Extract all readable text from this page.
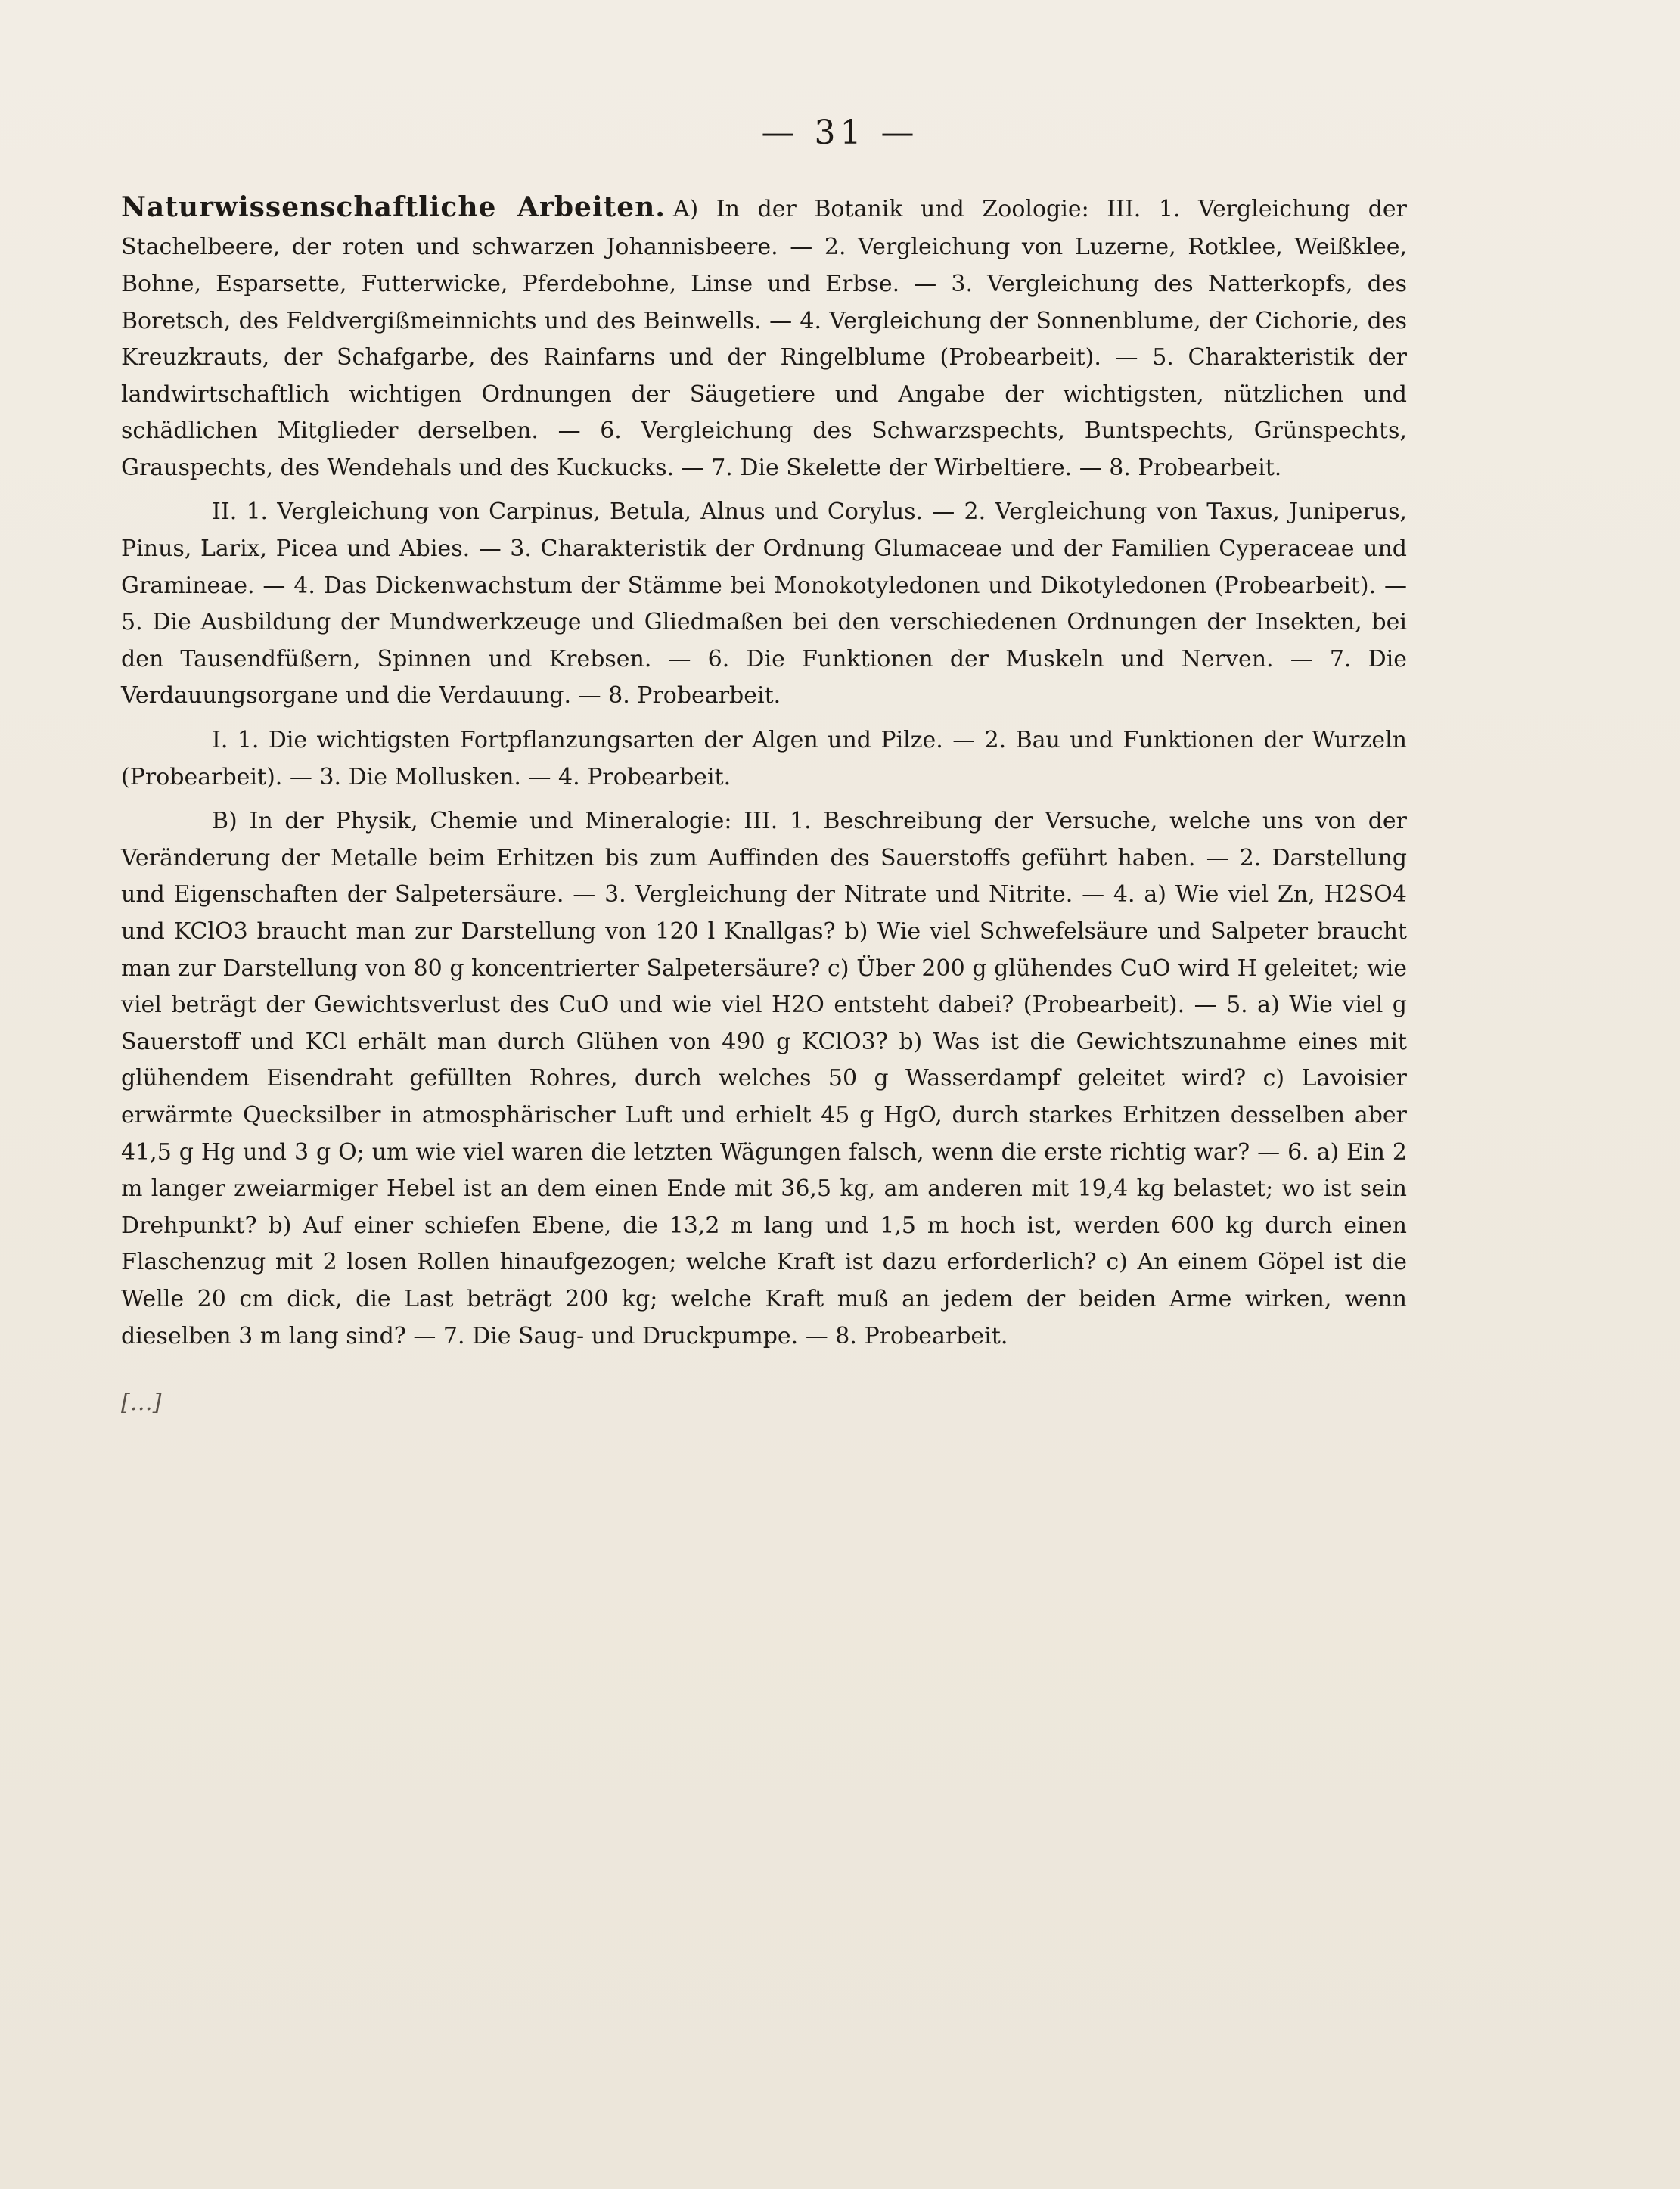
— 31 —

Naturwissenschaftliche Arbeiten. A) In der Botanik und Zoologie: III. 1. Vergleichung der Stachelbeere, der roten und schwarzen Johannisbeere. — 2. Vergleichung von Luzerne, Rotklee, Weißklee, Bohne, Esparsette, Futterwicke, Pferdebohne, Linse und Erbse. — 3. Vergleichung des Natterkopfs, des Boretsch, des Feldvergißmeinnichts und des Beinwells. — 4. Vergleichung der Sonnenblume, der Cichorie, des Kreuzkrauts, der Schafgarbe, des Rainfarns und der Ringelblume (Probearbeit). — 5. Charakteristik der landwirtschaftlich wichtigen Ordnungen der Säugetiere und Angabe der wichtigsten, nützlichen und schädlichen Mitglieder derselben. — 6. Vergleichung des Schwarzspechts, Buntspechts, Grünspechts, Grauspechts, des Wendehals und des Kuckucks. — 7. Die Skelette der Wirbeltiere. — 8. Probearbeit.

II. 1. Vergleichung von Carpinus, Betula, Alnus und Corylus. — 2. Vergleichung von Taxus, Juniperus, Pinus, Larix, Picea und Abies. — 3. Charakteristik der Ordnung Glumaceae und der Familien Cyperaceae und Gramineae. — 4. Das Dickenwachstum der Stämme bei Monokotyledonen und Dikotyledonen (Probearbeit). — 5. Die Ausbildung der Mundwerkzeuge und Gliedmaßen bei den verschiedenen Ordnungen der Insekten, bei den Tausendfüßern, Spinnen und Krebsen. — 6. Die Funktionen der Muskeln und Nerven. — 7. Die Verdauungsorgane und die Verdauung. — 8. Probearbeit.

I. 1. Die wichtigsten Fortpflanzungsarten der Algen und Pilze. — 2. Bau und Funktionen der Wurzeln (Probearbeit). — 3. Die Mollusken. — 4. Probearbeit.

B) In der Physik, Chemie und Mineralogie: III. 1. Beschreibung der Versuche, welche uns von der Veränderung der Metalle beim Erhitzen bis zum Auffinden des Sauerstoffs geführt haben. — 2. Darstellung und Eigenschaften der Salpetersäure. — 3. Vergleichung der Nitrate und Nitrite. — 4. a) Wie viel Zn, H2SO4 und KClO3 braucht man zur Darstellung von 120 l Knallgas? b) Wie viel Schwefelsäure und Salpeter braucht man zur Darstellung von 80 g koncentrierter Salpetersäure? c) Über 200 g glühendes CuO wird H geleitet; wie viel beträgt der Gewichtsverlust des CuO und wie viel H2O entsteht dabei? (Probearbeit). — 5. a) Wie viel g Sauerstoff und KCl erhält man durch Glühen von 490 g KClO3? b) Was ist die Gewichtszunahme eines mit glühendem Eisendraht gefüllten Rohres, durch welches 50 g Wasserdampf geleitet wird? c) Lavoisier erwärmte Quecksilber in atmosphärischer Luft und erhielt 45 g HgO, durch starkes Erhitzen desselben aber 41,5 g Hg und 3 g O; um wie viel waren die letzten Wägungen falsch, wenn die erste richtig war? — 6. a) Ein 2 m langer zweiarmiger Hebel ist an dem einen Ende mit 36,5 kg, am anderen mit 19,4 kg belastet; wo ist sein Drehpunkt? b) Auf einer schiefen Ebene, die 13,2 m lang und 1,5 m hoch ist, werden 600 kg durch einen Flaschenzug mit 2 losen Rollen hinaufgezogen; welche Kraft ist dazu erforderlich? c) An einem Göpel ist die Welle 20 cm dick, die Last beträgt 200 kg; welche Kraft muß an jedem der beiden Arme wirken, wenn dieselben 3 m lang sind? — 7. Die Saug- und Druckpumpe. — 8. Probearbeit.

[…]
